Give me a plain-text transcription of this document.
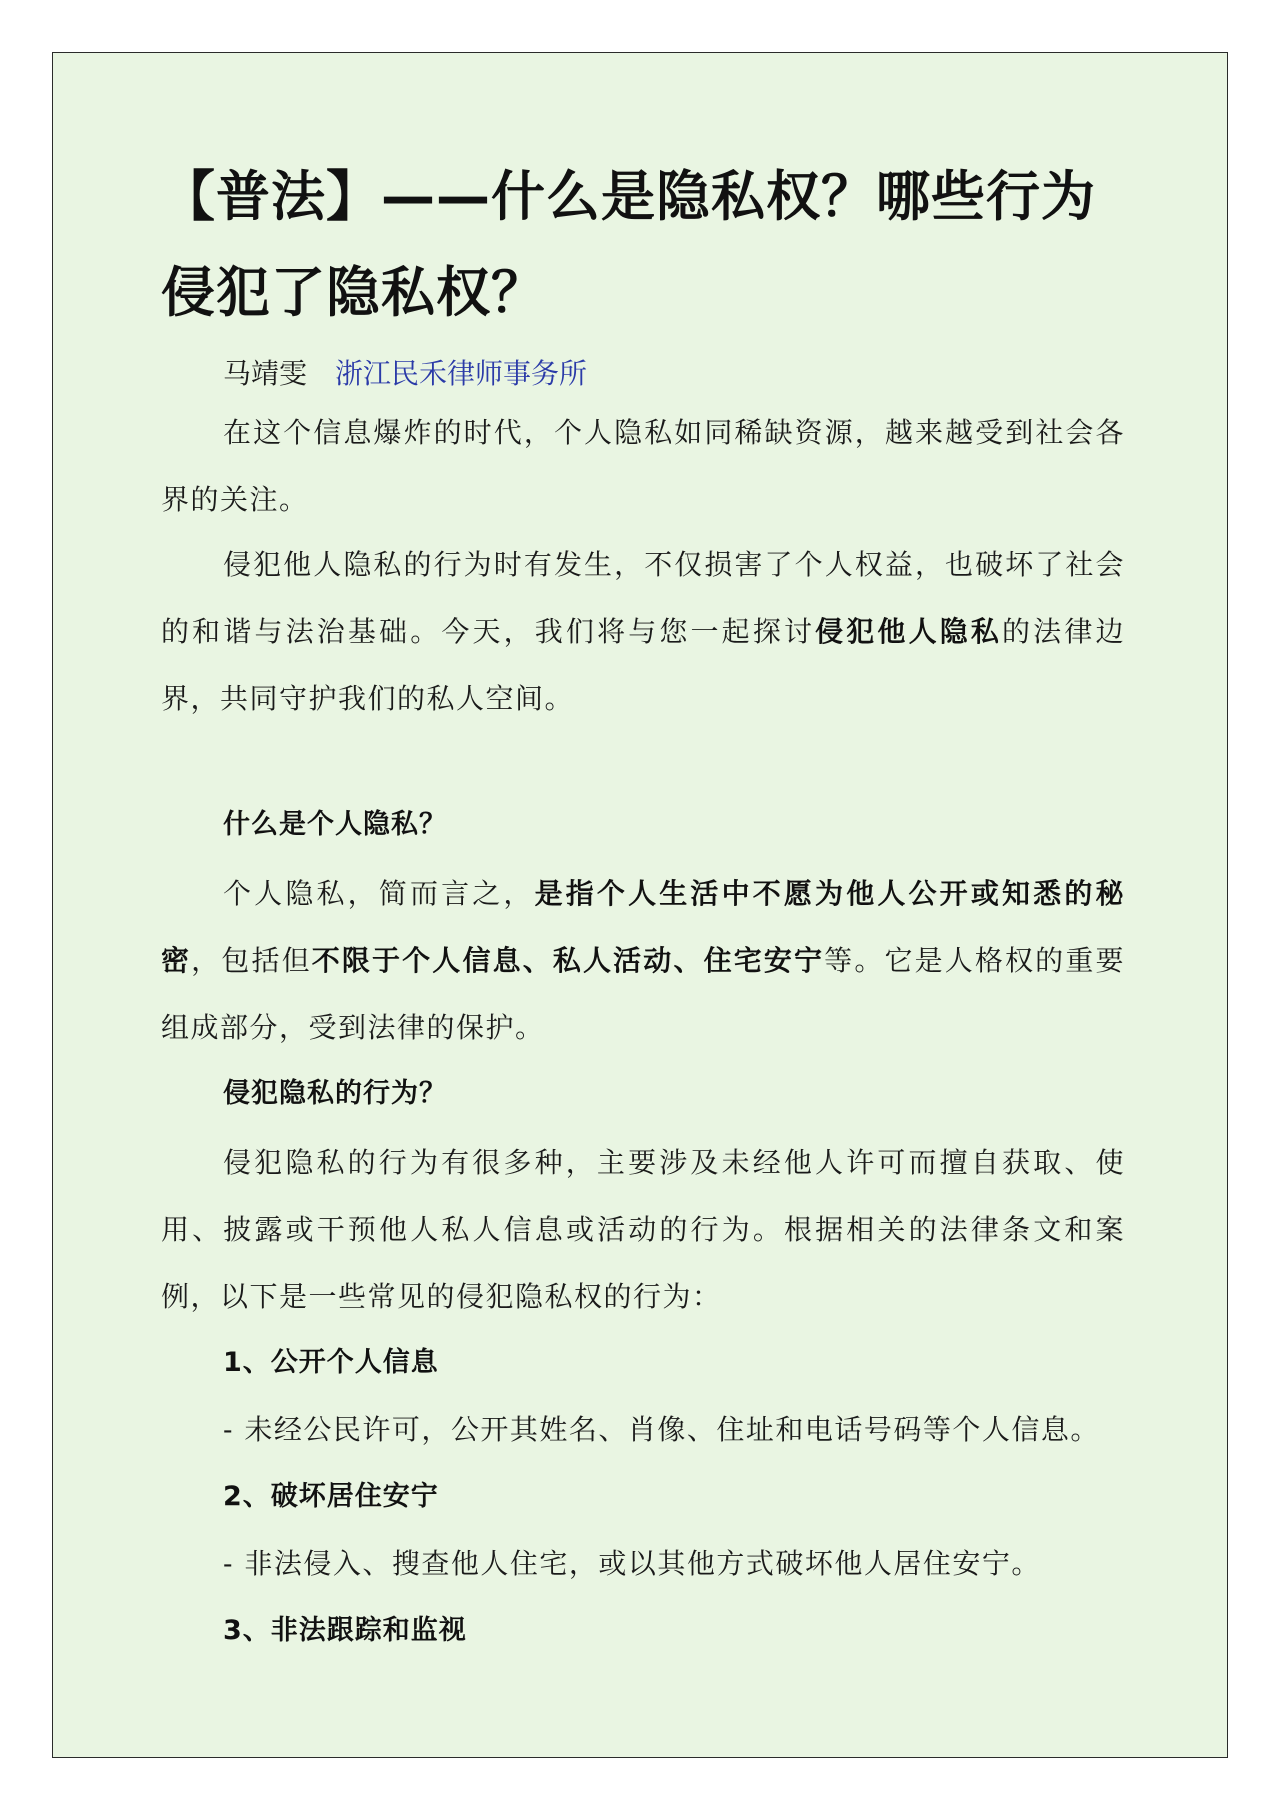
【普法】——什么是隐私权？哪些行为侵犯了隐私权？
马靖雯 浙江民禾律师事务所
在这个信息爆炸的时代，个人隐私如同稀缺资源，越来越受到社会各界的关注。
侵犯他人隐私的行为时有发生，不仅损害了个人权益，也破坏了社会的和谐与法治基础。今天，我们将与您一起探讨侵犯他人隐私的法律边界，共同守护我们的私人空间。
什么是个人隐私？
个人隐私，简而言之，是指个人生活中不愿为他人公开或知悉的秘密，包括但不限于个人信息、私人活动、住宅安宁等。它是人格权的重要组成部分，受到法律的保护。
侵犯隐私的行为？
侵犯隐私的行为有很多种，主要涉及未经他人许可而擅自获取、使用、披露或干预他人私人信息或活动的行为。根据相关的法律条文和案例，以下是一些常见的侵犯隐私权的行为：
1、公开个人信息
- 未经公民许可，公开其姓名、肖像、住址和电话号码等个人信息。
2、破坏居住安宁
- 非法侵入、搜查他人住宅，或以其他方式破坏他人居住安宁。
3、非法跟踪和监视
